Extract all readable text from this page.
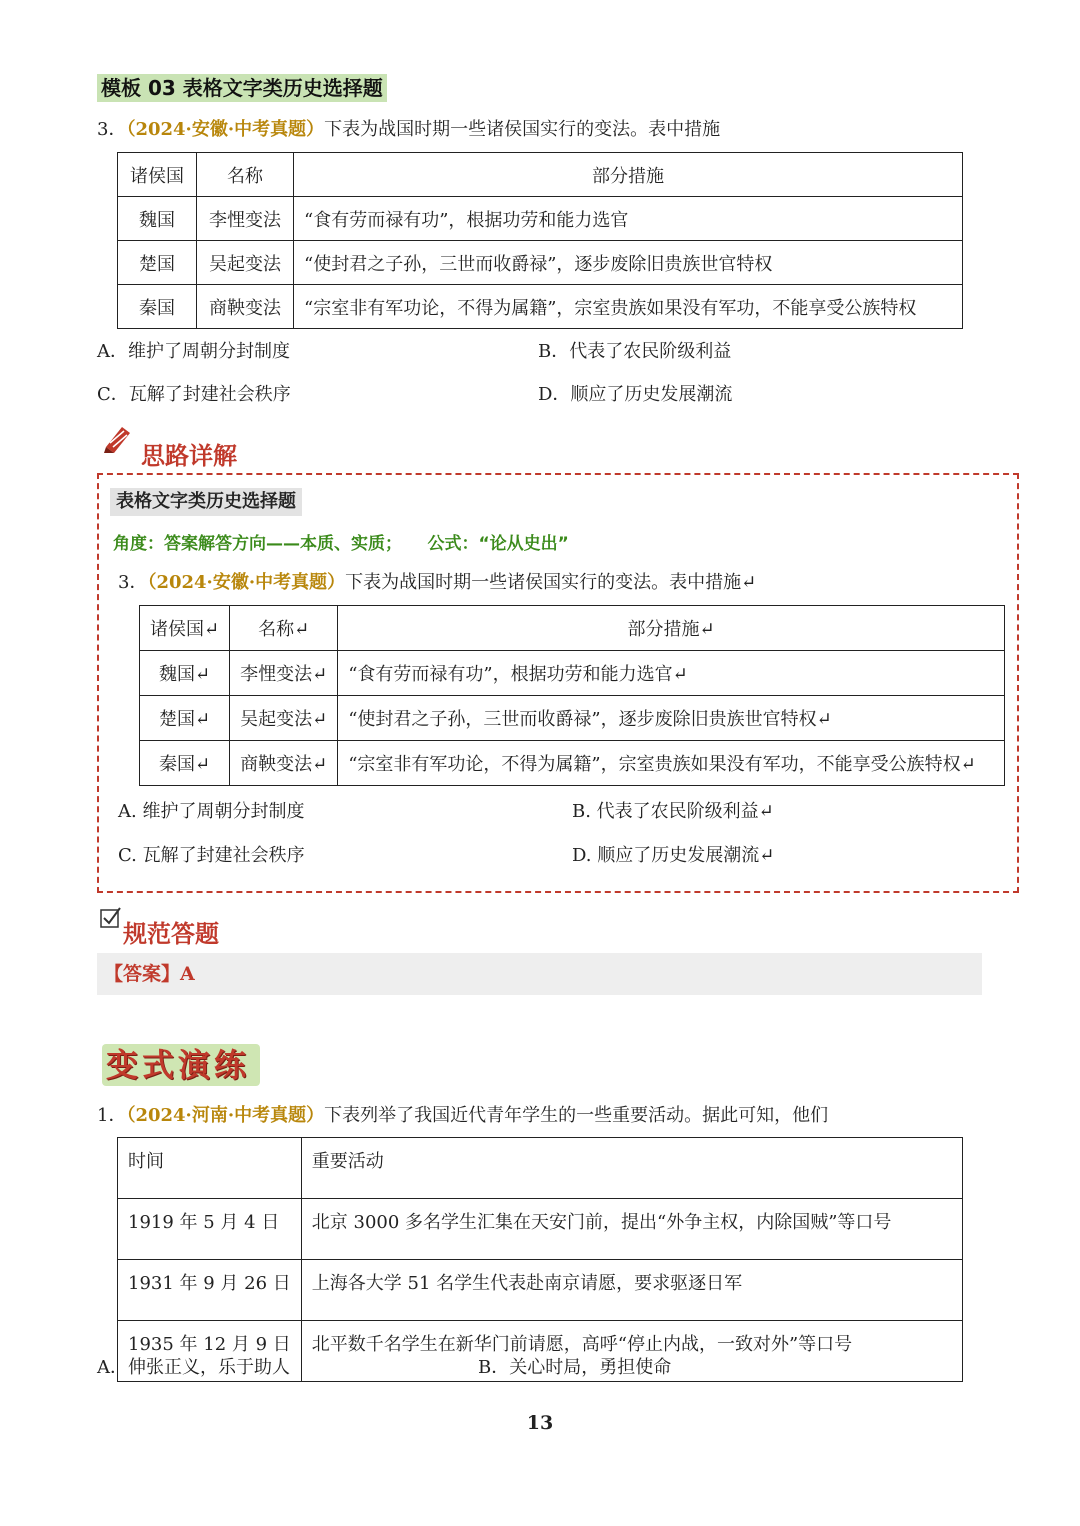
模板 03 表格文字类历史选择题
3．（2024·安徽·中考真题）下表为战国时期一些诸侯国实行的变法。表中措施
诸侯国	名称	部分措施
魏国	李悝变法	“食有劳而禄有功”，根据功劳和能力选官
楚国	吴起变法	“使封君之子孙，三世而收爵禄”，逐步废除旧贵族世官特权
秦国	商鞅变法	“宗室非有军功论，不得为属籍”，宗室贵族如果没有军功，不能享受公族特权
A．维护了周朝分封制度	B．代表了农民阶级利益
C．瓦解了封建社会秩序	D．顺应了历史发展潮流
思路详解
表格文字类历史选择题
角度：答案解答方向——本质、实质；　　公式：“论从史出”
3．（2024·安徽·中考真题）下表为战国时期一些诸侯国实行的变法。表中措施↵
诸侯国↵	名称↵	部分措施↵
魏国↵	李悝变法↵	“食有劳而禄有功”，根据功劳和能力选官↵
楚国↵	吴起变法↵	“使封君之子孙，三世而收爵禄”，逐步废除旧贵族世官特权↵
秦国↵	商鞅变法↵	“宗室非有军功论，不得为属籍”，宗室贵族如果没有军功，不能享受公族特权↵
A. 维护了周朝分封制度	B. 代表了农民阶级利益↵
C. 瓦解了封建社会秩序	D. 顺应了历史发展潮流↵
规范答题
【答案】A
变式演练
1．（2024·河南·中考真题）下表列举了我国近代青年学生的一些重要活动。据此可知，他们
时间	重要活动
1919 年 5 月 4 日	北京 3000 多名学生汇集在天安门前，提出“外争主权，内除国贼”等口号
1931 年 9 月 26 日	上海各大学 51 名学生代表赴南京请愿，要求驱逐日军
1935 年 12 月 9 日	北平数千名学生在新华门前请愿，高呼“停止内战，一致对外”等口号
A．伸张正义，乐于助人	B．关心时局，勇担使命
13
